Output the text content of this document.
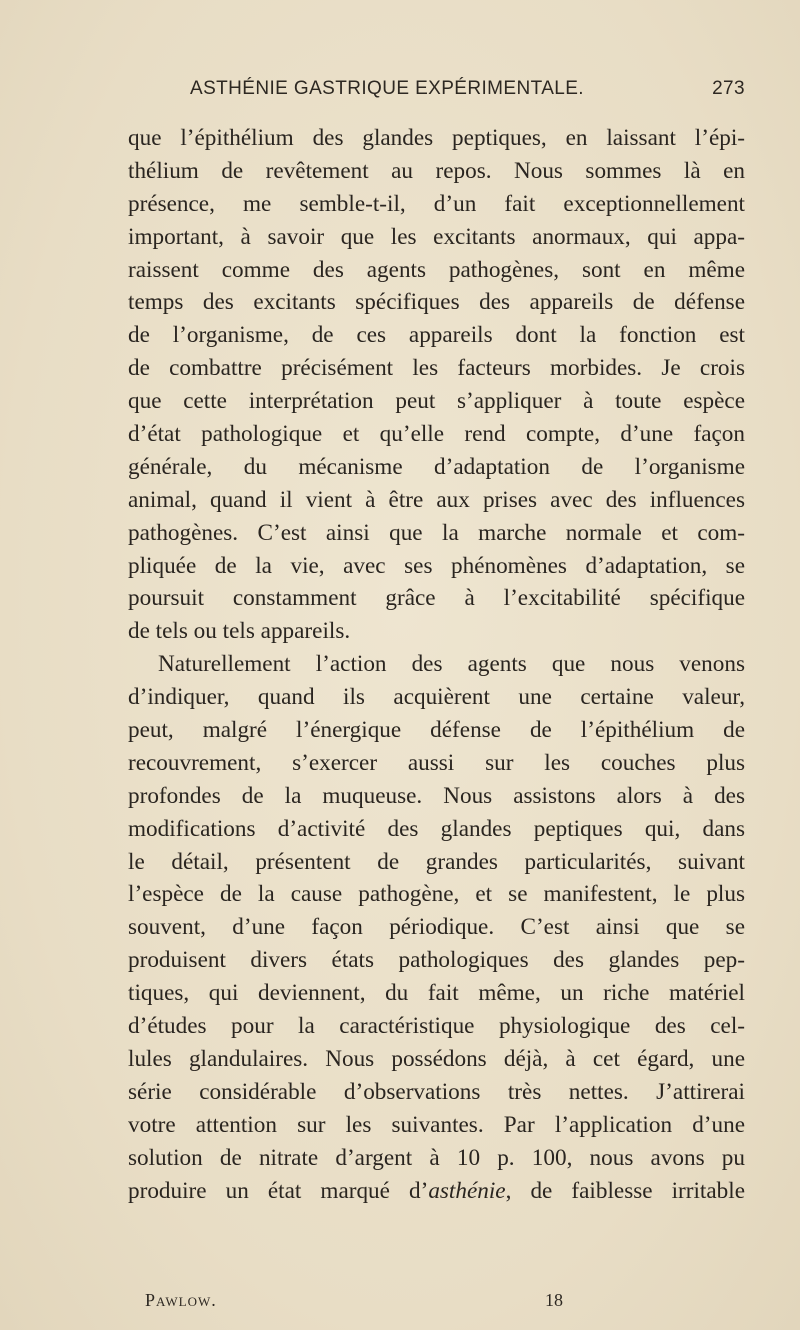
ASTHÉNIE GASTRIQUE EXPÉRIMENTALE.	273
que l’épithélium des glandes peptiques, en laissant l’épi-
thélium de revêtement au repos. Nous sommes là en
présence, me semble-t-il, d’un fait exceptionnellement
important, à savoir que les excitants anormaux, qui appa-
raissent comme des agents pathogènes, sont en même
temps des excitants spécifiques des appareils de défense
de l’organisme, de ces appareils dont la fonction est
de combattre précisément les facteurs morbides. Je crois
que cette interprétation peut s’appliquer à toute espèce
d’état pathologique et qu’elle rend compte, d’une façon
générale, du mécanisme d’adaptation de l’organisme
animal, quand il vient à être aux prises avec des influences
pathogènes. C’est ainsi que la marche normale et com-
pliquée de la vie, avec ses phénomènes d’adaptation, se
poursuit constamment grâce à l’excitabilité spécifique
de tels ou tels appareils.
Naturellement l’action des agents que nous venons
d’indiquer, quand ils acquièrent une certaine valeur,
peut, malgré l’énergique défense de l’épithélium de
recouvrement, s’exercer aussi sur les couches plus
profondes de la muqueuse. Nous assistons alors à des
modifications d’activité des glandes peptiques qui, dans
le détail, présentent de grandes particularités, suivant
l’espèce de la cause pathogène, et se manifestent, le plus
souvent, d’une façon périodique. C’est ainsi que se
produisent divers états pathologiques des glandes pep-
tiques, qui deviennent, du fait même, un riche matériel
d’études pour la caractéristique physiologique des cel-
lules glandulaires. Nous possédons déjà, à cet égard, une
série considérable d’observations très nettes. J’attirerai
votre attention sur les suivantes. Par l’application d’une
solution de nitrate d’argent à 10 p. 100, nous avons pu
produire un état marqué d’asthénie, de faiblesse irritable
Pawlow.	18
